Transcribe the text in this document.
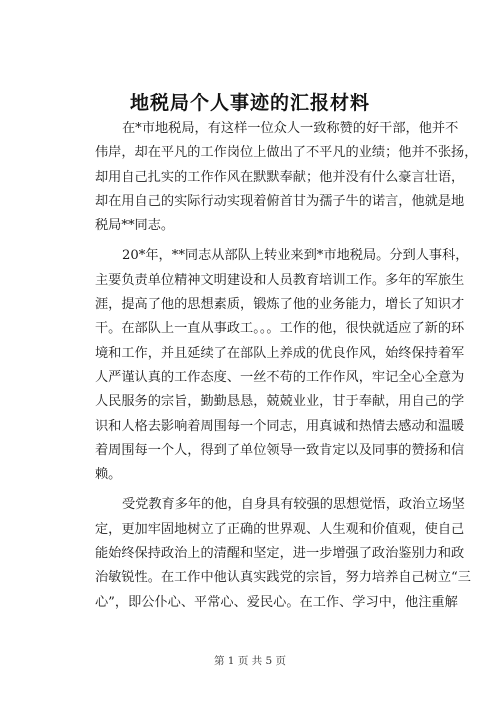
地税局个人事迹的汇报材料
在*市地税局，有这样一位众人一致称赞的好干部，他并不
伟岸，却在平凡的工作岗位上做出了不平凡的业绩；他并不张扬，
却用自己扎实的工作作风在默默奉献；他并没有什么豪言壮语，
却在用自己的实际行动实现着俯首甘为孺子牛的诺言，他就是地
税局**同志。
20*年，**同志从部队上转业来到*市地税局。分到人事科，
主要负责单位精神文明建设和人员教育培训工作。多年的军旅生
涯，提高了他的思想素质，锻炼了他的业务能力，增长了知识才
干。在部队上一直从事政工。。。工作的他，很快就适应了新的环
境和工作，并且延续了在部队上养成的优良作风，始终保持着军
人严谨认真的工作态度、一丝不苟的工作作风，牢记全心全意为
人民服务的宗旨，勤勤恳恳，兢兢业业，甘于奉献，用自己的学
识和人格去影响着周围每一个同志，用真诚和热情去感动和温暖
着周围每一个人，得到了单位领导一致肯定以及同事的赞扬和信
赖。
受党教育多年的他，自身具有较强的思想觉悟，政治立场坚
定，更加牢固地树立了正确的世界观、人生观和价值观，使自己
能始终保持政治上的清醒和坚定，进一步增强了政治鉴别力和政
治敏锐性。在工作中他认真实践党的宗旨，努力培养自己树立“三
心”，即公仆心、平常心、爱民心。在工作、学习中，他注重解
第 1 页 共 5 页
